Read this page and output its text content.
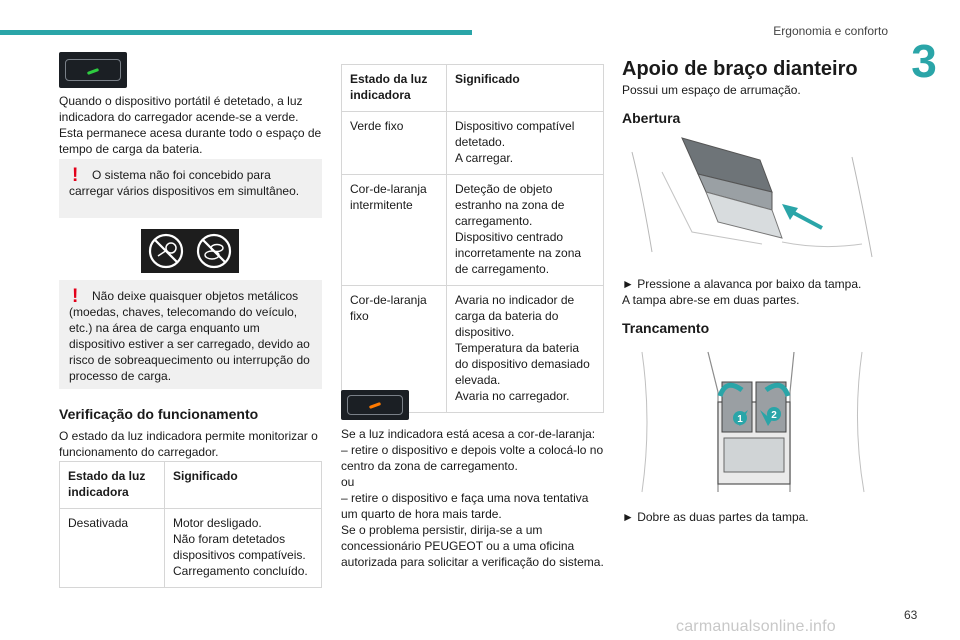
Ergonomia e conforto
3
Quando o dispositivo portátil é detetado, a luz indicadora do carregador acende-se a verde. Esta permanece acesa durante todo o espaço de tempo de carga da bateria.
!	O sistema não foi concebido para carregar vários dispositivos em simultâneo.
!	Não deixe quaisquer objetos metálicos (moedas, chaves, telecomando do veículo, etc.) na área de carga enquanto um dispositivo estiver a ser carregado, devido ao risco de sobreaquecimento ou interrupção do processo de carga.
Verificação do funcionamento
O estado da luz indicadora permite monitorizar o funcionamento do carregador.
Estado da luz indicadora	Significado
Desativada	Motor desligado.
Não foram detetados dispositivos compatíveis.
Carregamento concluído.
Estado da luz indicadora	Significado
Verde fixo	Dispositivo compatível detetado.
A carregar.

Cor-de-laranja intermitente	Deteção de objeto estranho na zona de carregamento.
Dispositivo centrado incorretamente na zona de carregamento.

Cor-de-laranja fixo	Avaria no indicador de carga da bateria do dispositivo.
Temperatura da bateria do dispositivo demasiado elevada.
Avaria no carregador.
Se a luz indicadora está acesa a cor-de-laranja:
– retire o dispositivo e depois volte a colocá-lo no centro da zona de carregamento.
ou
– retire o dispositivo e faça uma nova tentativa um quarto de hora mais tarde.
Se o problema persistir, dirija-se a um concessionário PEUGEOT ou a uma oficina autorizada para solicitar a verificação do sistema.
Apoio de braço dianteiro
Possui um espaço de arrumação.
Abertura
► Pressione a alavanca por baixo da tampa.
A tampa abre-se em duas partes.
Trancamento
1	2
► Dobre as duas partes da tampa.
63
carmanualsonline.info
